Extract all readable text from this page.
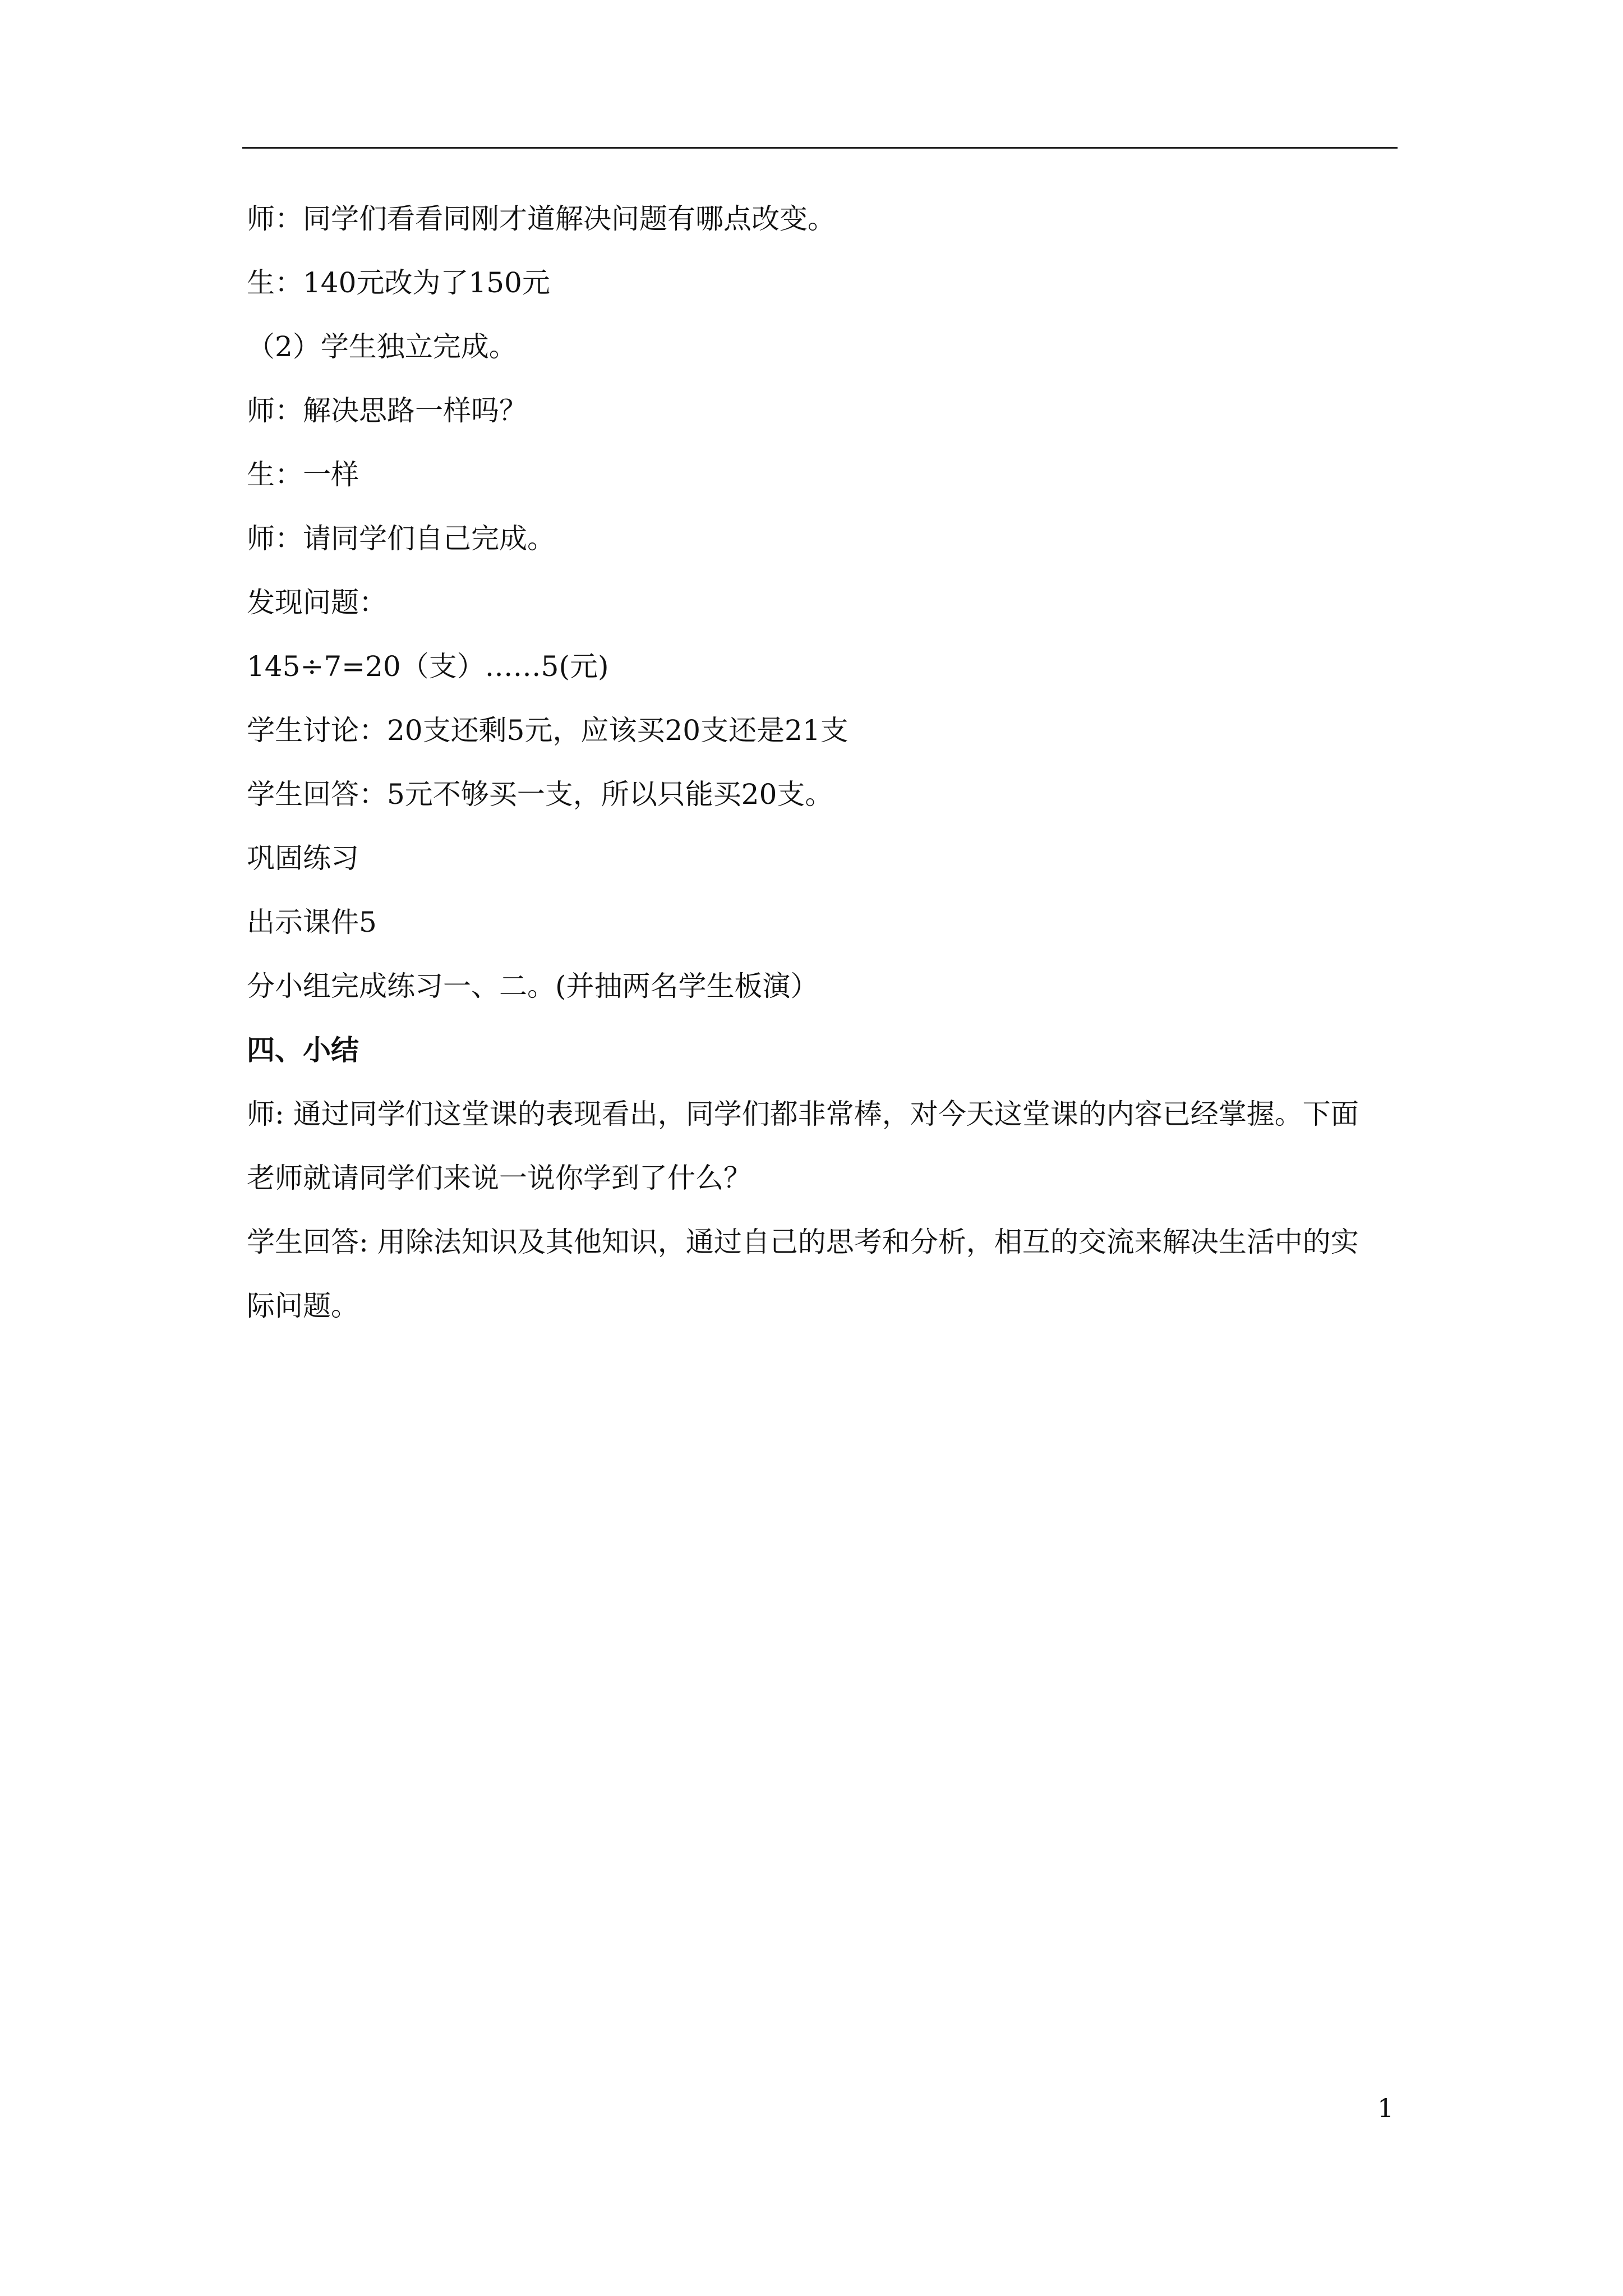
师：同学们看看同刚才道解决问题有哪点改变。
生：140元改为了150元
（2）学生独立完成。
师：解决思路一样吗？
生：一样
师：请同学们自己完成。
发现问题：
145÷7=20（支）……5(元)
学生讨论：20支还剩5元，应该买20支还是21支
学生回答：5元不够买一支，所以只能买20支。
巩固练习
出示课件5
分小组完成练习一、二。(并抽两名学生板演）
四、小结
师: 通过同学们这堂课的表现看出，同学们都非常棒，对今天这堂课的内容已经掌握。下面
老师就请同学们来说一说你学到了什么？
学生回答: 用除法知识及其他知识，通过自己的思考和分析，相互的交流来解决生活中的实
际问题。
1
